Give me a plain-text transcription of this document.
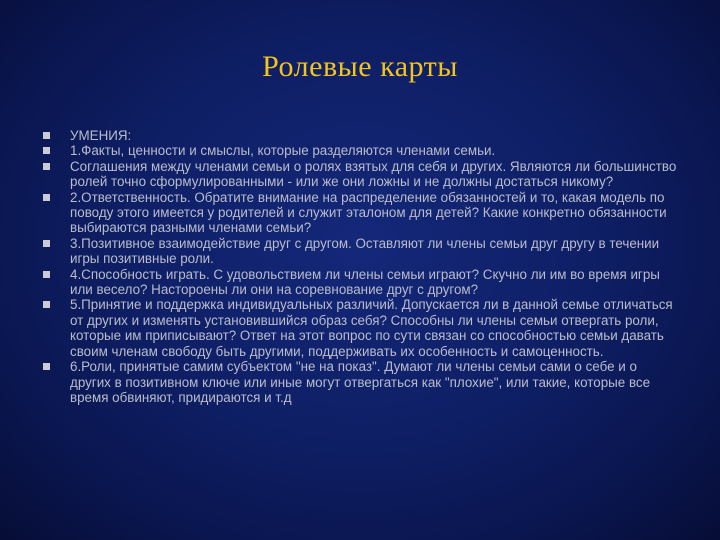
Ролевые карты
УМЕНИЯ:
1.Факты, ценности и смыслы, которые разделяются членами семьи.
Соглашения между членами семьи о ролях взятых для себя и других. Являются ли большинство ролей точно сформулированными - или же они ложны и не должны достаться никому?
2.Ответственность. Обратите внимание на распределение обязанностей и то, какая модель по поводу этого имеется у родителей и служит эталоном для детей? Какие конкретно обязанности выбираются разными членами семьи?
3.Позитивное взаимодействие друг с другом. Оставляют ли члены семьи друг другу в течении игры позитивные роли.
4.Способность играть. С удовольствием ли члены семьи играют? Скучно ли им во время игры или весело? Настороены ли они на соревнование друг с другом?
5.Принятие и поддержка индивидуальных различий. Допускается ли в данной семье отличаться от других и изменять установившийся образ себя? Способны ли члены семьи отвергать роли, которые им приписывают? Ответ на этот вопрос по сути связан со способностью семьи давать своим членам свободу быть другими, поддерживать их особенность и самоценность.
6.Роли, принятые самим субъектом "не на показ". Думают ли члены семьи сами о себе и о других в позитивном ключе или иные могут отвергаться как "плохие", или такие, которые все время обвиняют, придираются и т.д
